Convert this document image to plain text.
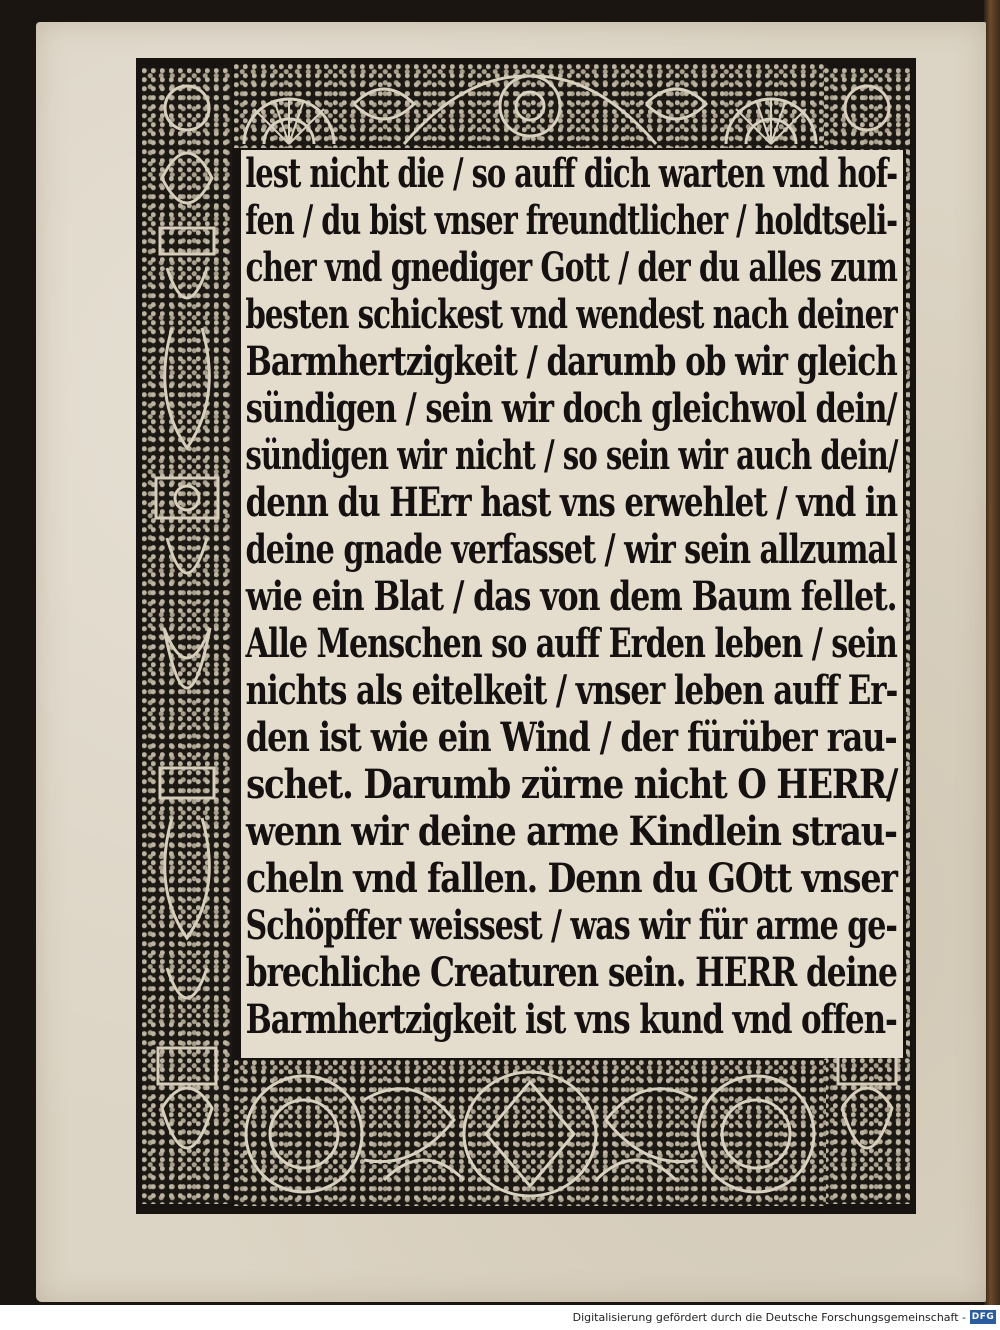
lest nicht die / so auff dich warten vnd hof-
fen / du bist vnser freundtlicher / holdtseli-
cher vnd gnediger Gott / der du alles zum
besten schickest vnd wendest nach deiner
Barmhertzigkeit / darumb ob wir gleich
sündigen / sein wir doch gleichwol dein/
sündigen wir nicht / so sein wir auch dein/
denn du HErr hast vns erwehlet / vnd in
deine gnade verfasset / wir sein allzumal
wie ein Blat / das von dem Baum fellet.
Alle Menschen so auff Erden leben / sein
nichts als eitelkeit / vnser leben auff Er-
den ist wie ein Wind / der fürüber rau-
schet. Darumb zürne nicht O HERR/
wenn wir deine arme Kindlein strau-
cheln vnd fallen. Denn du GOtt vnser
Schöpffer weissest / was wir für arme ge-
brechliche Creaturen sein. HERR deine
Barmhertzigkeit ist vns kund vnd offen-
Digitalisierung gefördert durch die Deutsche Forschungsgemeinschaft - DFG
